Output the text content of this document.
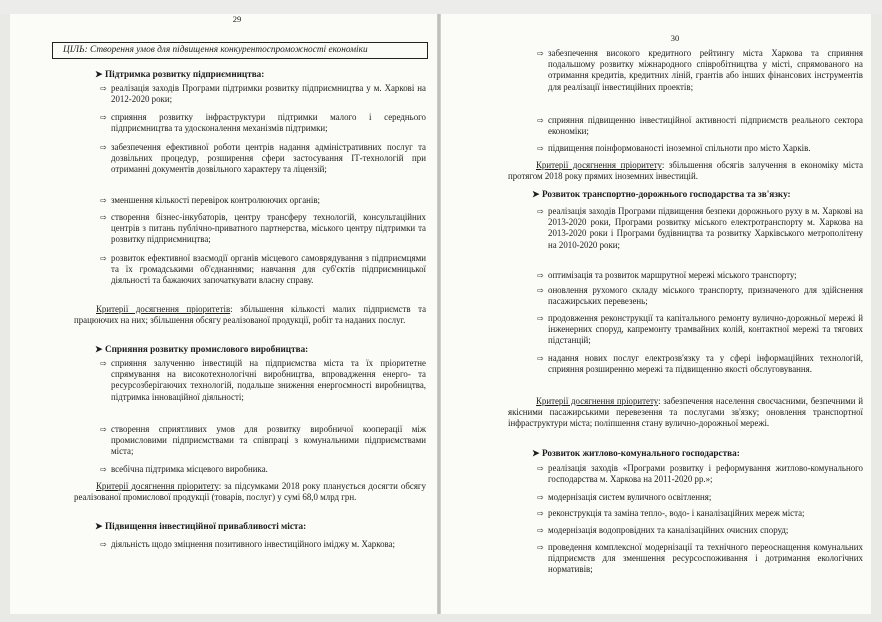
29
ЦІЛЬ: Створення умов для підвищення конкурентоспроможності економіки
➤ Підтримка розвитку підприємництва:
⇨ реалізація заходів Програми підтримки розвитку підприємництва у м. Харкові на 2012-2020 роки;
⇨ сприяння розвитку інфраструктури підтримки малого і середнього підприємництва та удосконалення механізмів підтримки;
⇨ забезпечення ефективної роботи центрів надання адміністративних послуг та дозвільних процедур, розширення сфери застосування ІТ-технологій при отриманні документів дозвільного характеру та ліцензій;
⇨ зменшення кількості перевірок контролюючих органів;
⇨ створення бізнес-інкубаторів, центру трансферу технологій, консультаційних центрів з питань публічно-приватного партнерства, міського центру підтримки та розвитку підприємництва;
⇨ розвиток ефективної взаємодії органів місцевого самоврядування з підприємцями та їх громадськими об'єднаннями; навчання для суб'єктів підприємницької діяльності та бажаючих започаткувати власну справу.
Критерії досягнення пріоритетів: збільшення кількості малих підприємств та працюючих на них; збільшення обсягу реалізованої продукції, робіт та наданих послуг.
➤ Сприяння розвитку промислового виробництва:
⇨ сприяння залученню інвестицій на підприємства міста та їх пріоритетне спрямування на високотехнологічні виробництва, впровадження енерго- та ресурсозберігаючих технологій, подальше зниження енергоємності виробництва, підтримка інноваційної діяльності;
⇨ створення сприятливих умов для розвитку виробничої кооперації між промисловими підприємствами та співпраці з комунальними підприємствами міста;
⇨ всебічна підтримка місцевого виробника.
Критерії досягнення пріоритету: за підсумками 2018 року планується досягти обсягу реалізованої промислової продукції (товарів, послуг) у сумі 68,0 млрд грн.
➤ Підвищення інвестиційної привабливості міста:
⇨ діяльність щодо зміцнення позитивного інвестиційного іміджу м. Харкова;
30
⇨ забезпечення високого кредитного рейтингу міста Харкова та сприяння подальшому розвитку міжнародного співробітництва у місті, спрямованого на отримання кредитів, кредитних ліній, грантів або інших фінансових інструментів для реалізації інвестиційних проектів;
⇨ сприяння підвищенню інвестиційної активності підприємств реального сектора економіки;
⇨ підвищення поінформованості іноземної спільноти про місто Харків.
Критерії досягнення пріоритету: збільшення обсягів залучення в економіку міста протягом 2018 року прямих іноземних інвестицій.
➤ Розвиток транспортно-дорожнього господарства та зв'язку:
⇨ реалізація заходів Програми підвищення безпеки дорожнього руху в м. Харкові на 2013-2020 роки, Програми розвитку міського електротранспорту м. Харкова на 2013-2020 роки і Програми будівництва та розвитку Харківського метрополітену на 2010-2020 роки;
⇨ оптимізація та розвиток маршрутної мережі міського транспорту;
⇨ оновлення рухомого складу міського транспорту, призначеного для здійснення пасажирських перевезень;
⇨ продовження реконструкції та капітального ремонту вулично-дорожньої мережі й інженерних споруд, капремонту трамвайних колій, контактної мережі та тягових підстанцій;
⇨ надання нових послуг електрозв'язку та у сфері інформаційних технологій, сприяння розширенню мережі та підвищенню якості обслуговування.
Критерії досягнення пріоритету: забезпечення населення своєчасними, безпечними й якісними пасажирськими перевезення та послугами зв'язку; оновлення транспортної інфраструктури міста; поліпшення стану вулично-дорожньої мережі.
➤ Розвиток житлово-комунального господарства:
⇨ реалізація заходів «Програми розвитку і реформування житлово-комунального господарства м. Харкова на 2011-2020 рр.»;
⇨ модернізація систем вуличного освітлення;
⇨ реконструкція та заміна тепло-, водо- і каналізаційних мереж міста;
⇨ модернізація водопровідних та каналізаційних очисних споруд;
⇨ проведення комплексної модернізації та технічного переоснащення комунальних підприємств для зменшення ресурсоспоживання і дотримання екологічних нормативів;
